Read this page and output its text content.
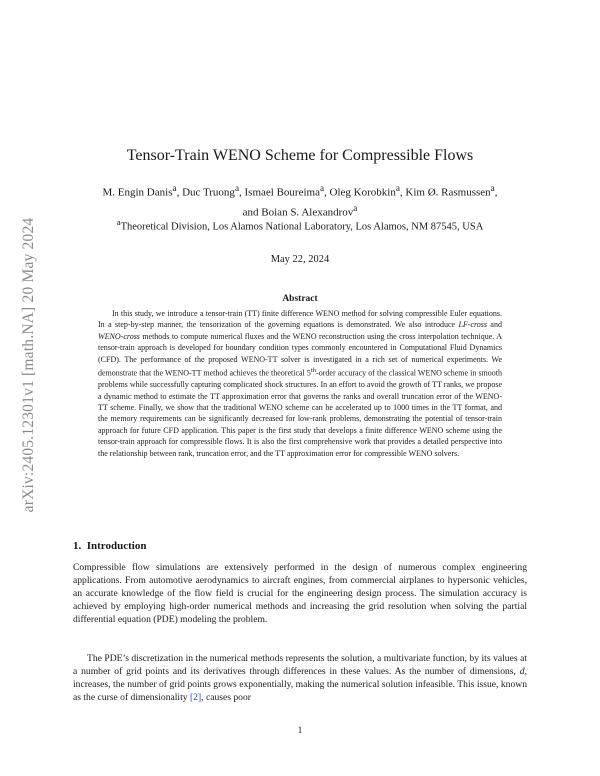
arXiv:2405.12301v1 [math.NA] 20 May 2024
Tensor-Train WENO Scheme for Compressible Flows
M. Engin Danis$^a$, Duc Truong$^a$, Ismael Boureima$^a$, Oleg Korobkin$^a$, Kim Ø. Rasmussen$^a$,
and Boian S. Alexandrov$^a$
$^a$Theoretical Division, Los Alamos National Laboratory, Los Alamos, NM 87545, USA
May 22, 2024
Abstract
In this study, we introduce a tensor-train (TT) finite difference WENO method for solving compressible Euler equations. In a step-by-step manner, the tensorization of the governing equations is demonstrated. We also introduce LF-cross and WENO-cross methods to compute numerical fluxes and the WENO reconstruction using the cross interpolation technique. A tensor-train approach is developed for boundary condition types commonly encountered in Computational Fluid Dynamics (CFD). The performance of the proposed WENO-TT solver is investigated in a rich set of numerical experiments. We demonstrate that the WENO-TT method achieves the theoretical 5th-order accuracy of the classical WENO scheme in smooth problems while successfully capturing complicated shock structures. In an effort to avoid the growth of TT ranks, we propose a dynamic method to estimate the TT approximation error that governs the ranks and overall truncation error of the WENO-TT scheme. Finally, we show that the traditional WENO scheme can be accelerated up to 1000 times in the TT format, and the memory requirements can be significantly decreased for low-rank problems, demonstrating the potential of tensor-train approach for future CFD application. This paper is the first study that develops a finite difference WENO scheme using the tensor-train approach for compressible flows. It is also the first comprehensive work that provides a detailed perspective into the relationship between rank, truncation error, and the TT approximation error for compressible WENO solvers.
1. Introduction
Compressible flow simulations are extensively performed in the design of numerous complex engineering applications. From automotive aerodynamics to aircraft engines, from commercial airplanes to hypersonic vehicles, an accurate knowledge of the flow field is crucial for the engineering design process. The simulation accuracy is achieved by employing high-order numerical methods and increasing the grid resolution when solving the partial differential equation (PDE) modeling the problem.
The PDE’s discretization in the numerical methods represents the solution, a multivariate function, by its values at a number of grid points and its derivatives through differences in these values. As the number of dimensions, d, increases, the number of grid points grows exponentially, making the numerical solution infeasible. This issue, known as the curse of dimensionality [2], causes poor
1
